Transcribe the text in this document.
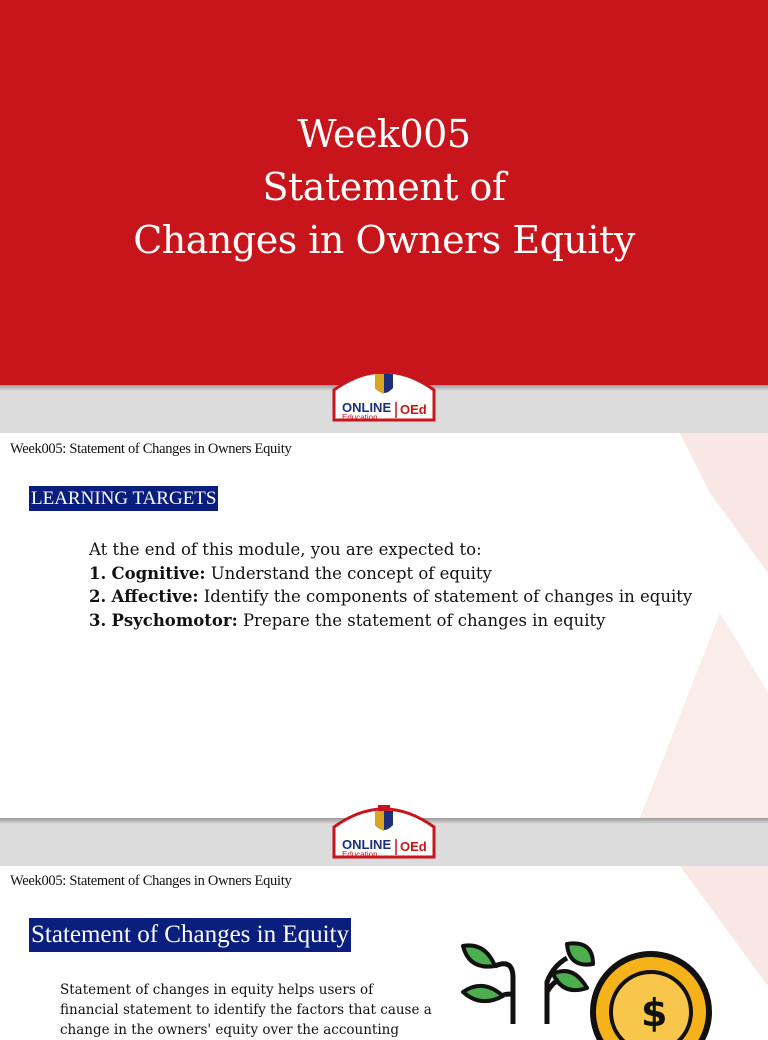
Week005
Statement of
Changes in Owners Equity
ONLINE
Education
OEd
Week005: Statement of Changes in Owners Equity
LEARNING TARGETS
At the end of this module, you are expected to:
1. Cognitive: Understand the concept of equity
2. Affective: Identify the components of statement of changes in equity
3. Psychomotor: Prepare the statement of changes in equity
ONLINE
Education
OEd
Week005: Statement of Changes in Owners Equity
Statement of Changes in Equity
Statement of changes in equity helps users of
financial statement to identify the factors that cause a
change in the owners' equity over the accounting	$
